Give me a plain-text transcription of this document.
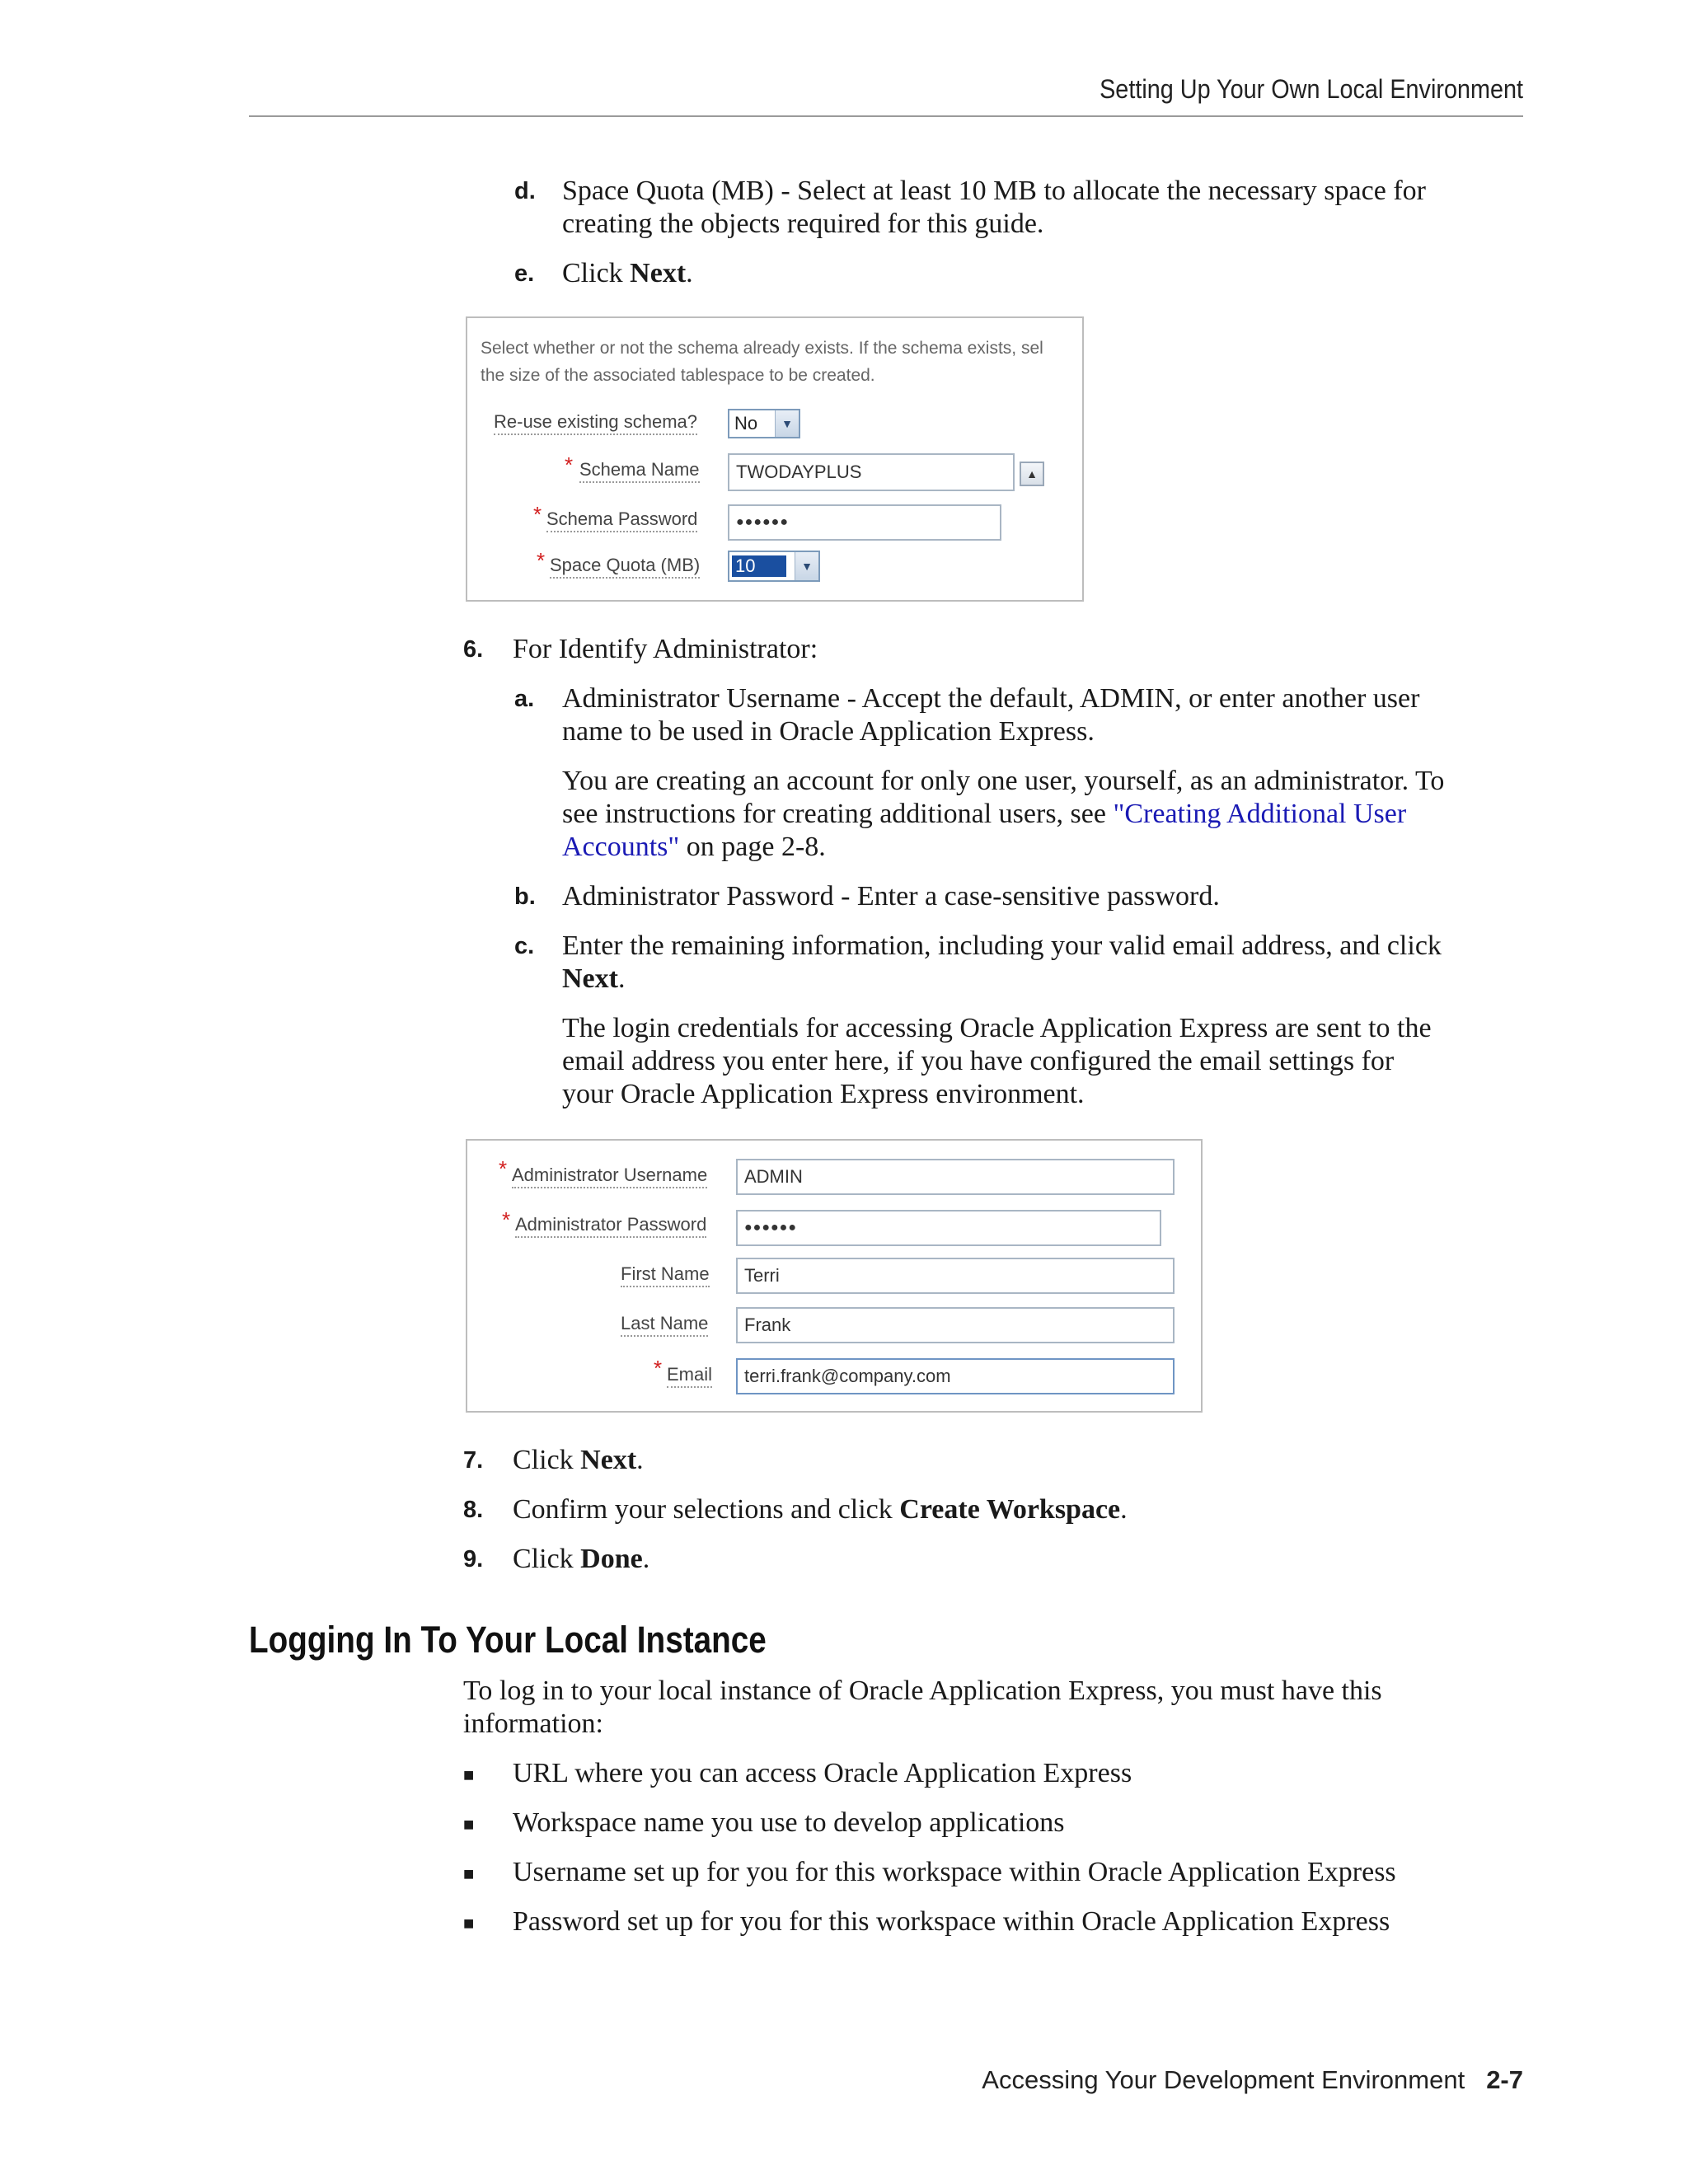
Setting Up Your Own Local Environment
d. Space Quota (MB) - Select at least 10 MB to allocate the necessary space for
creating the objects required for this guide.
e. Click Next.
Select whether or not the schema already exists. If the schema exists, sel
the size of the associated tablespace to be created.
Re-use existing schema? No	▼
* Schema Name	TWODAYPLUS	▲
* Schema Password	●●●●●●
* Space Quota (MB) 10	▼
6. For Identify Administrator:
a. Administrator Username - Accept the default, ADMIN, or enter another user
name to be used in Oracle Application Express.
You are creating an account for only one user, yourself, as an administrator. To
see instructions for creating additional users, see "Creating Additional User
Accounts" on page 2-8.
b. Administrator Password - Enter a case-sensitive password.
c. Enter the remaining information, including your valid email address, and click
Next.
The login credentials for accessing Oracle Application Express are sent to the
email address you enter here, if you have configured the email settings for
your Oracle Application Express environment.
* Administrator Username	ADMIN
* Administrator Password	●●●●●●
First Name	Terri
Last Name	Frank
* Email	terri.frank@company.com
7. Click Next.
8. Confirm your selections and click Create Workspace.
9. Click Done.
Logging In To Your Local Instance
To log in to your local instance of Oracle Application Express, you must have this
information:
■ URL where you can access Oracle Application Express
■ Workspace name you use to develop applications
■ Username set up for you for this workspace within Oracle Application Express
■ Password set up for you for this workspace within Oracle Application Express
Accessing Your Development Environment 2-7
